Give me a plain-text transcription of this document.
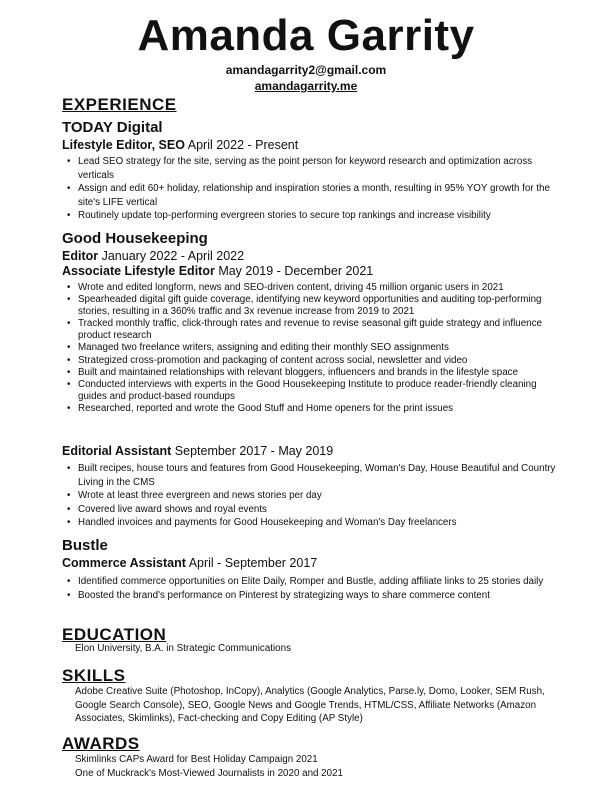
Amanda Garrity
amandagarrity2@gmail.com
amandagarrity.me
EXPERIENCE
TODAY Digital
Lifestyle Editor, SEO April 2022 - Present
• Lead SEO strategy for the site, serving as the point person for keyword research and optimization across verticals
• Assign and edit 60+ holiday, relationship and inspiration stories a month, resulting in 95% YOY growth for the site's LIFE vertical
• Routinely update top-performing evergreen stories to secure top rankings and increase visibility
Good Housekeeping
Editor January 2022 - April 2022
Associate Lifestyle Editor May 2019 - December 2021
• Wrote and edited longform, news and SEO-driven content, driving 45 million organic users in 2021
• Spearheaded digital gift guide coverage, identifying new keyword opportunities and auditing top-performing stories, resulting in a 360% traffic and 3x revenue increase from 2019 to 2021
• Tracked monthly traffic, click-through rates and revenue to revise seasonal gift guide strategy and influence product research
• Managed two freelance writers, assigning and editing their monthly SEO assignments
• Strategized cross-promotion and packaging of content across social, newsletter and video
• Built and maintained relationships with relevant bloggers, influencers and brands in the lifestyle space
• Conducted interviews with experts in the Good Housekeeping Institute to produce reader-friendly cleaning guides and product-based roundups
• Researched, reported and wrote the Good Stuff and Home openers for the print issues
Editorial Assistant September 2017 - May 2019
• Built recipes, house tours and features from Good Housekeeping, Woman's Day, House Beautiful and Country Living in the CMS
• Wrote at least three evergreen and news stories per day
• Covered live award shows and royal events
• Handled invoices and payments for Good Housekeeping and Woman's Day freelancers
Bustle
Commerce Assistant April - September 2017
• Identified commerce opportunities on Elite Daily, Romper and Bustle, adding affiliate links to 25 stories daily
• Boosted the brand's performance on Pinterest by strategizing ways to share commerce content
EDUCATION
Elon University, B.A. in Strategic Communications
SKILLS
Adobe Creative Suite (Photoshop, InCopy), Analytics (Google Analytics, Parse.ly, Domo, Looker, SEM Rush, Google Search Console), SEO, Google News and Google Trends, HTML/CSS, Affiliate Networks (Amazon Associates, Skimlinks), Fact-checking and Copy Editing (AP Style)
AWARDS
Skimlinks CAPs Award for Best Holiday Campaign 2021
One of Muckrack's Most-Viewed Journalists in 2020 and 2021
